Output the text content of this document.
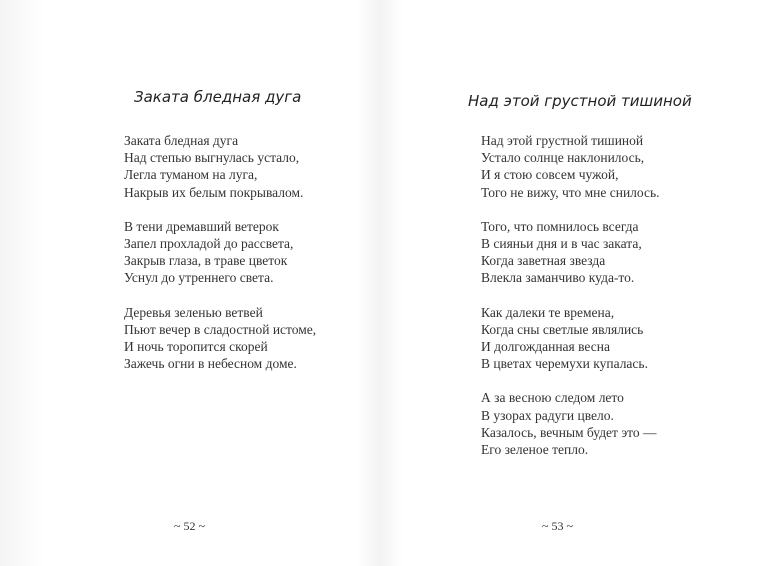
Заката бледная дуга
Заката бледная дуга
Над степью выгнулась устало,
Легла туманом на луга,
Накрыв их белым покрывалом.
В тени дремавший ветерок
Запел прохладой до рассвета,
Закрыв глаза, в траве цветок
Уснул до утреннего света.
Деревья зеленью ветвей
Пьют вечер в сладостной истоме,
И ночь торопится скорей
Зажечь огни в небесном доме.
~ 52 ~
Над этой грустной тишиной
Над этой грустной тишиной
Устало солнце наклонилось,
И я стою совсем чужой,
Того не вижу, что мне снилось.
Того, что помнилось всегда
В сияньи дня и в час заката,
Когда заветная звезда
Влекла заманчиво куда-то.
Как далеки те времена,
Когда сны светлые являлись
И долгожданная весна
В цветах черемухи купалась.
А за весною следом лето
В узорах радуги цвело.
Казалось, вечным будет это —
Его зеленое тепло.
~ 53 ~
